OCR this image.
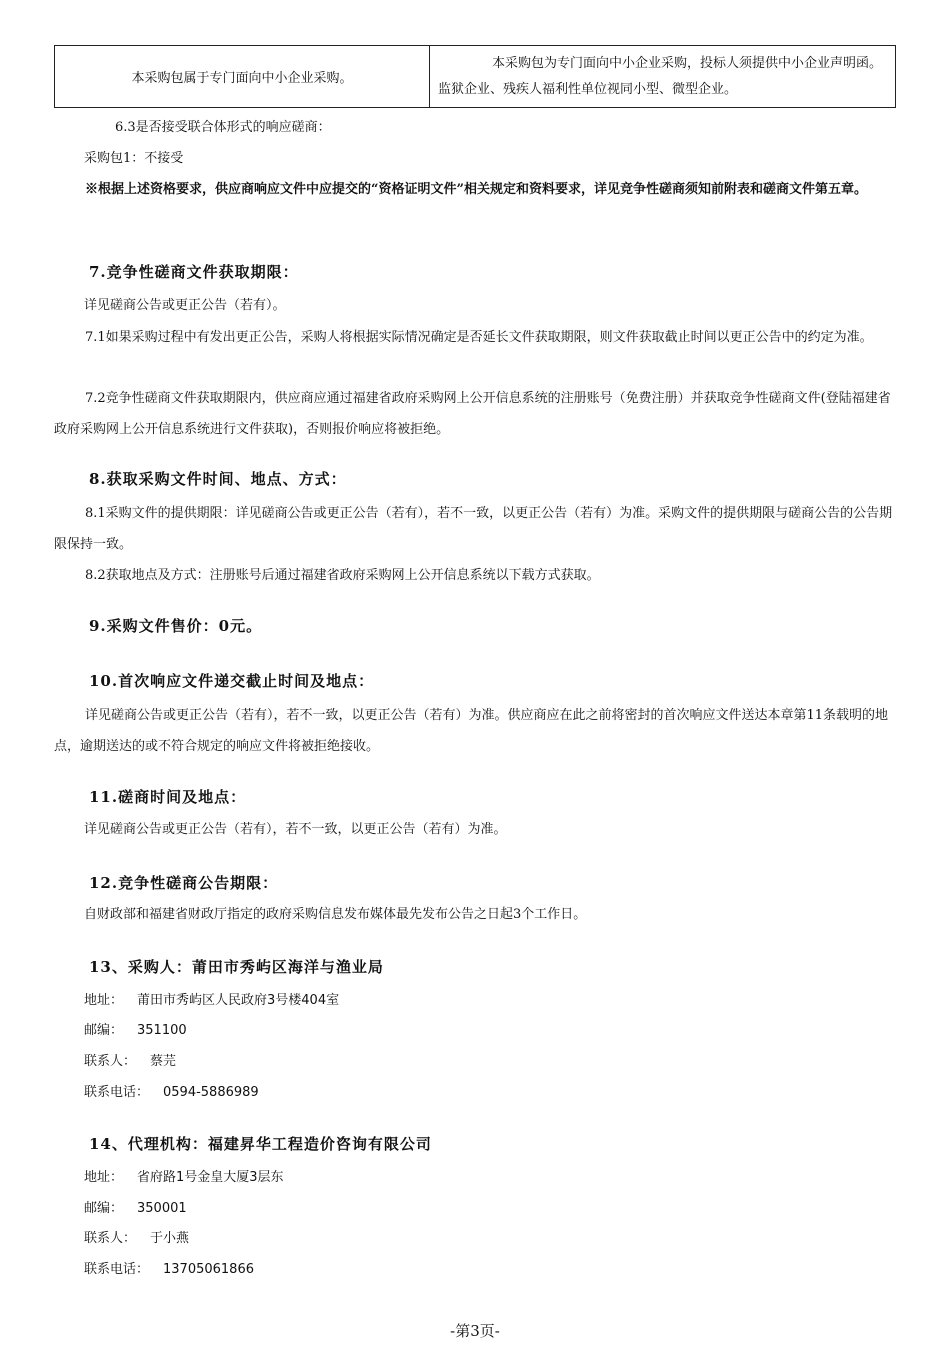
本采购包属于专门面向中小企业采购。
本采购包为专门面向中小企业采购，投标人须提供中小企业声明函。监狱企业、残疾人福利性单位视同小型、微型企业。
6.3是否接受联合体形式的响应磋商：
采购包1：不接受
※根据上述资格要求，供应商响应文件中应提交的“资格证明文件”相关规定和资料要求，详见竞争性磋商须知前附表和磋商文件第五章。
7.竞争性磋商文件获取期限：
详见磋商公告或更正公告（若有）。
7.1如果采购过程中有发出更正公告，采购人将根据实际情况确定是否延长文件获取期限，则文件获取截止时间以更正公告中的约定为准。
7.2竞争性磋商文件获取期限内，供应商应通过福建省政府采购网上公开信息系统的注册账号（免费注册）并获取竞争性磋商文件(登陆福建省政府采购网上公开信息系统进行文件获取)，否则报价响应将被拒绝。
8.获取采购文件时间、地点、方式：
8.1采购文件的提供期限：详见磋商公告或更正公告（若有），若不一致，以更正公告（若有）为准。采购文件的提供期限与磋商公告的公告期限保持一致。
8.2获取地点及方式：注册账号后通过福建省政府采购网上公开信息系统以下载方式获取。
9.采购文件售价：0元。
10.首次响应文件递交截止时间及地点：
详见磋商公告或更正公告（若有），若不一致，以更正公告（若有）为准。供应商应在此之前将密封的首次响应文件送达本章第11条载明的地点，逾期送达的或不符合规定的响应文件将被拒绝接收。
11.磋商时间及地点：
详见磋商公告或更正公告（若有），若不一致，以更正公告（若有）为准。
12.竞争性磋商公告期限：
自财政部和福建省财政厅指定的政府采购信息发布媒体最先发布公告之日起3个工作日。
13、采购人：莆田市秀屿区海洋与渔业局
地址： 莆田市秀屿区人民政府3号楼404室
邮编： 351100
联系人： 蔡芫
联系电话： 0594-5886989
14、代理机构：福建昇华工程造价咨询有限公司
地址： 省府路1号金皇大厦3层东
邮编： 350001
联系人： 于小燕
联系电话： 13705061866
-第3页-
